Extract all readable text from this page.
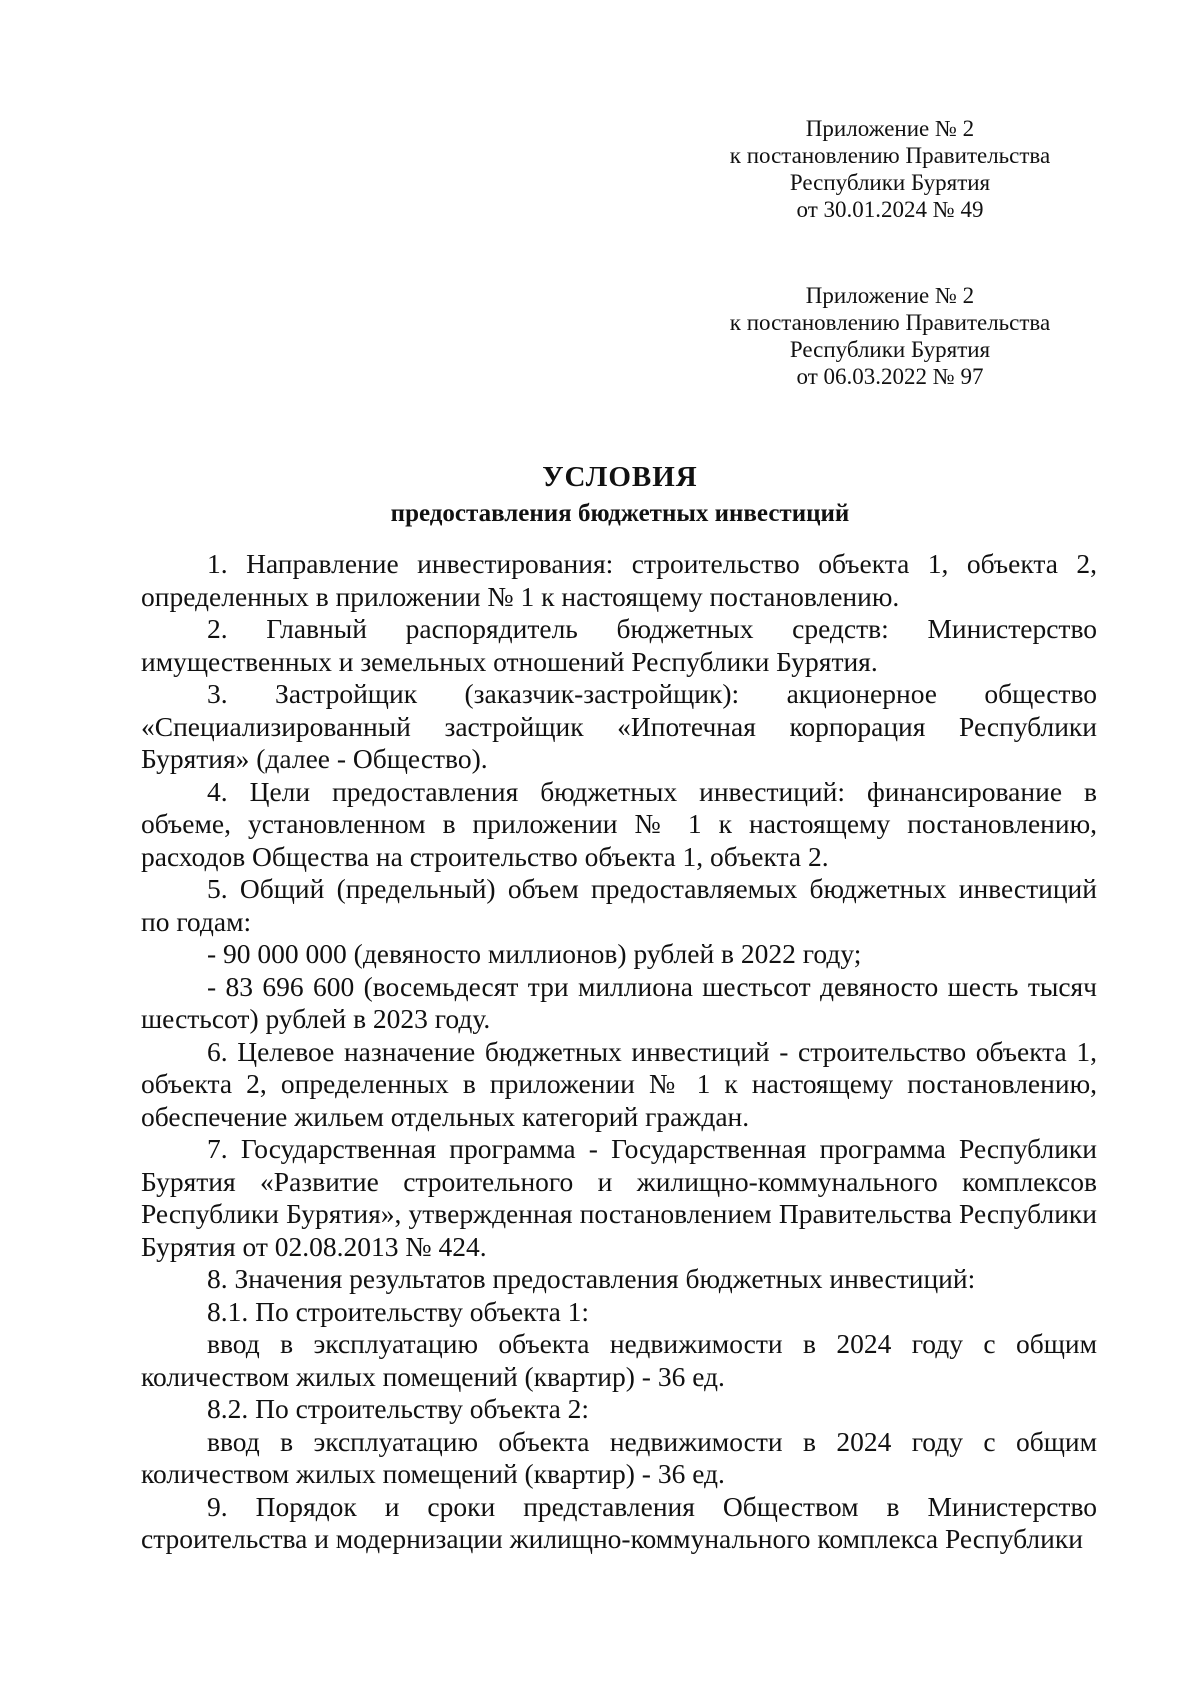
Приложение № 2
к постановлению Правительства
Республики Бурятия
от 30.01.2024 № 49
Приложение № 2
к постановлению Правительства
Республики Бурятия
от 06.03.2022 № 97
УСЛОВИЯ
предоставления бюджетных инвестиций

1. Направление инвестирования: строительство объекта 1, объекта 2, определенных в приложении № 1 к настоящему постановлению.

2. Главный распорядитель бюджетных средств: Министерство имущественных и земельных отношений Республики Бурятия.

3. Застройщик (заказчик-застройщик): акционерное общество «Специализированный застройщик «Ипотечная корпорация Республики Бурятия» (далее - Общество).

4. Цели предоставления бюджетных инвестиций: финансирование в объеме, установленном в приложении № 1 к настоящему постановлению, расходов Общества на строительство объекта 1, объекта 2.

5. Общий (предельный) объем предоставляемых бюджетных инвестиций по годам:

- 90 000 000 (девяносто миллионов) рублей в 2022 году;

- 83 696 600 (восемьдесят три миллиона шестьсот девяносто шесть тысяч шестьсот) рублей в 2023 году.

6. Целевое назначение бюджетных инвестиций - строительство объекта 1, объекта 2, определенных в приложении № 1 к настоящему постановлению, обеспечение жильем отдельных категорий граждан.

7. Государственная программа - Государственная программа Республики Бурятия «Развитие строительного и жилищно-коммунального комплексов Республики Бурятия», утвержденная постановлением Правительства Республики Бурятия от 02.08.2013 № 424.

8. Значения результатов предоставления бюджетных инвестиций:

8.1. По строительству объекта 1:

ввод в эксплуатацию объекта недвижимости в 2024 году с общим количеством жилых помещений (квартир) - 36 ед.

8.2. По строительству объекта 2:

ввод в эксплуатацию объекта недвижимости в 2024 году с общим количеством жилых помещений (квартир) - 36 ед.

9. Порядок и сроки представления Обществом в Министерство строительства и модернизации жилищно-коммунального комплекса Республики
